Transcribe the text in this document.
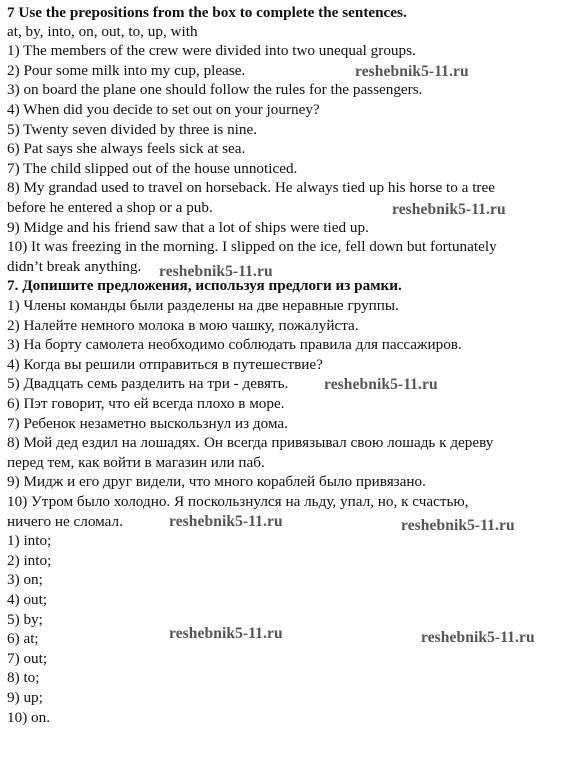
7 Use the prepositions from the box to complete the sentences.
at, by, into, on, out, to, up, with
1) The members of the crew were divided into two unequal groups.
2) Pour some milk into my cup, please.
3) on board the plane one should follow the rules for the passengers.
4) When did you decide to set out on your journey?
5) Twenty seven divided by three is nine.
6) Pat says she always feels sick at sea.
7) The child slipped out of the house unnoticed.
8) My grandad used to travel on horseback. He always tied up his horse to a tree
before he entered a shop or a pub.
9) Midge and his friend saw that a lot of ships were tied up.
10) It was freezing in the morning. I slipped on the ice, fell down but fortunately
didn’t break anything.
7. Допишите предложения, используя предлоги из рамки.
1) Члены команды были разделены на две неравные группы.
2) Налейте немного молока в мою чашку, пожалуйста.
3) На борту самолета необходимо соблюдать правила для пассажиров.
4) Когда вы решили отправиться в путешествие?
5) Двадцать семь разделить на три - девять.
6) Пэт говорит, что ей всегда плохо в море.
7) Ребенок незаметно выскользнул из дома.
8) Мой дед ездил на лошадях. Он всегда привязывал свою лошадь к дереву
перед тем, как войти в магазин или паб.
9) Мидж и его друг видели, что много кораблей было привязано.
10) Утром было холодно. Я поскользнулся на льду, упал, но, к счастью,
ничего не сломал.
1) into;
2) into;
3) on;
4) out;
5) by;
6) at;
7) out;
8) to;
9) up;
10) on.
reshebnik5-11.ru
reshebnik5-11.ru
reshebnik5-11.ru
reshebnik5-11.ru
reshebnik5-11.ru	reshebnik5-11.ru
reshebnik5-11.ru	reshebnik5-11.ru
